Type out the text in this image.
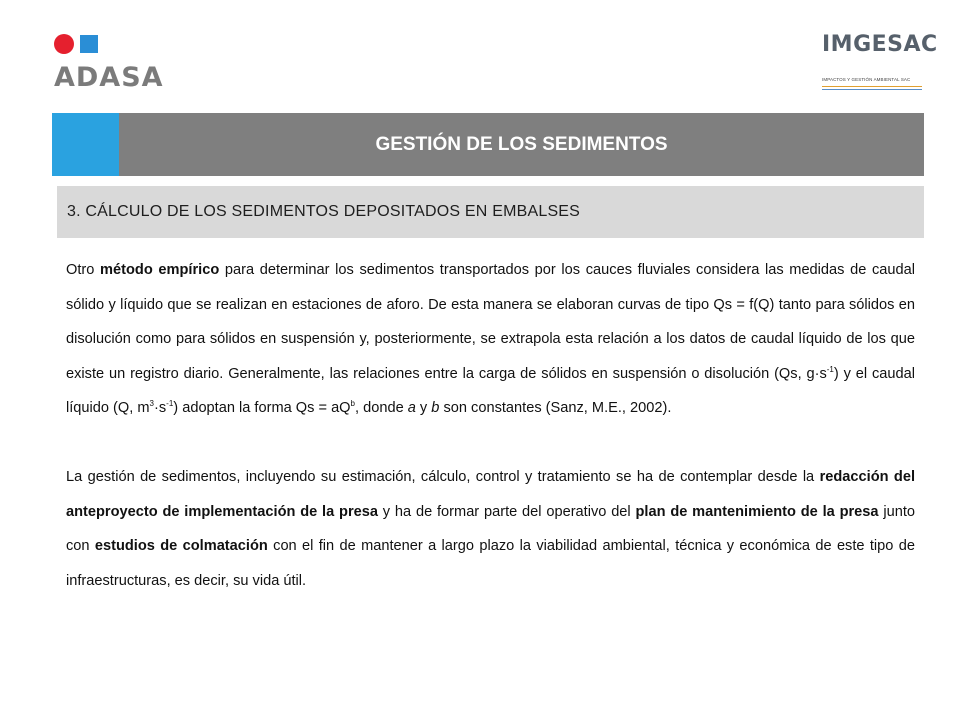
ADASA
IMGESAC
IMPACTOS Y GESTIÓN AMBIENTAL SAC
GESTIÓN DE LOS SEDIMENTOS
3. CÁLCULO DE LOS SEDIMENTOS DEPOSITADOS EN EMBALSES

Otro método empírico para determinar los sedimentos transportados por los cauces fluviales considera las medidas de caudal sólido y líquido que se realizan en estaciones de aforo. De esta manera se elaboran curvas de tipo Qs = f(Q) tanto para sólidos en disolución como para sólidos en suspensión y, posteriormente, se extrapola esta relación a los datos de caudal líquido de los que existe un registro diario. Generalmente, las relaciones entre la carga de sólidos en suspensión o disolución (Qs, $g\cdot s^{-1}$) y el caudal líquido (Q, $m^3\cdot s^{-1}$) adoptan la forma $Qs = aQ^b$, donde a y b son constantes (Sanz, M.E., 2002).

La gestión de sedimentos, incluyendo su estimación, cálculo, control y tratamiento se ha de contemplar desde la redacción del anteproyecto de implementación de la presa y ha de formar parte del operativo del plan de mantenimiento de la presa junto con estudios de colmatación con el fin de mantener a largo plazo la viabilidad ambiental, técnica y económica de este tipo de infraestructuras, es decir, su vida útil.
